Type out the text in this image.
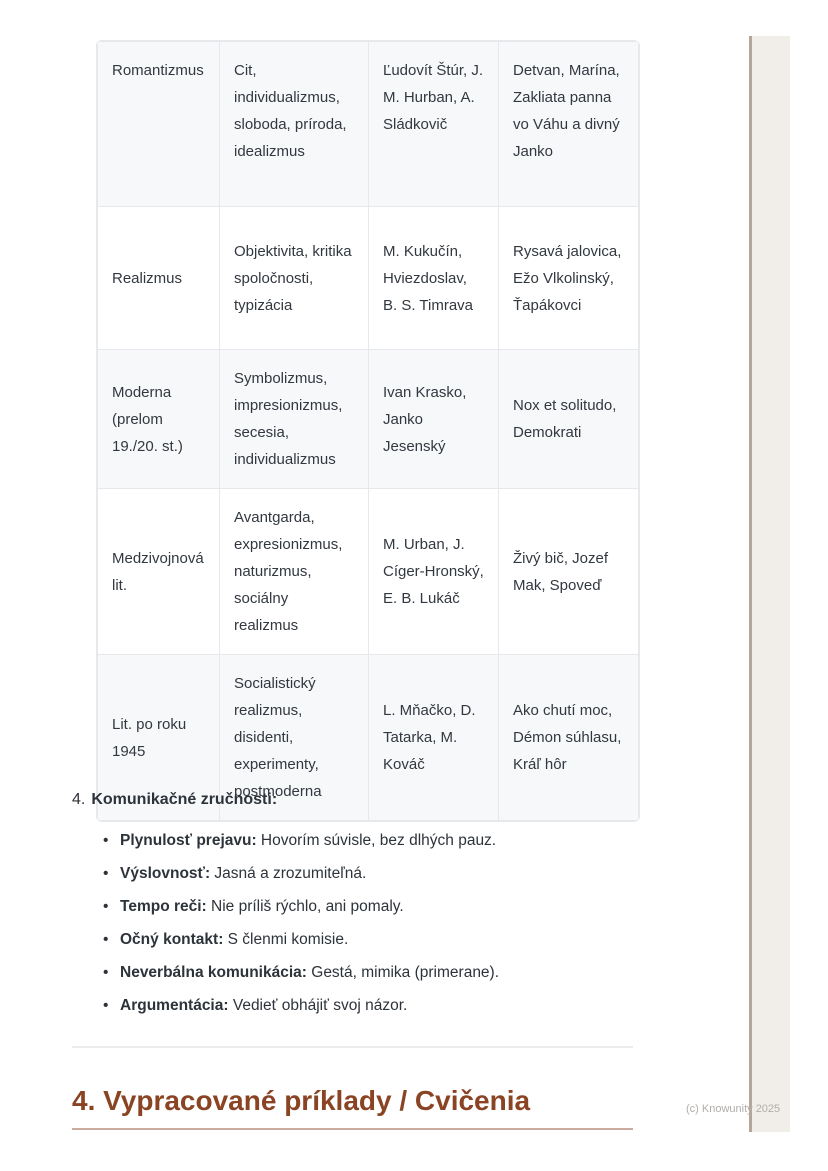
Romantizmus	Cit, individualizmus, sloboda, príroda, idealizmus	Ľudovít Štúr, J. M. Hurban, A. Sládkovič	Detvan, Marína, Zakliata panna vo Váhu a divný Janko
Realizmus	Objektivita, kritika spoločnosti, typizácia	M. Kukučín, Hviezdoslav, B. S. Timrava	Rysavá jalovica, Ežo Vlkolinský, Ťapákovci
Moderna (prelom 19./20. st.)	Symbolizmus, impresionizmus, secesia, individualizmus	Ivan Krasko, Janko Jesenský	Nox et solitudo, Demokrati
Medzivojnová lit.	Avantgarda, expresionizmus, naturizmus, sociálny realizmus	M. Urban, J. Cíger-Hronský, E. B. Lukáč	Živý bič, Jozef Mak, Spoveď
Lit. po roku 1945	Socialistický realizmus, disidenti, experimenty, postmoderna	L. Mňačko, D. Tatarka, M. Kováč	Ako chutí moc, Démon súhlasu, Kráľ hôr
4. Komunikačné zručnosti:
• Plynulosť prejavu: Hovorím súvisle, bez dlhých pauz.
• Výslovnosť: Jasná a zrozumiteľná.
• Tempo reči: Nie príliš rýchlo, ani pomaly.
• Očný kontakt: S členmi komisie.
• Neverbálna komunikácia: Gestá, mimika (primerane).
• Argumentácia: Vedieť obhájiť svoj názor.
4. Vypracované príklady / Cvičenia	(c) Knowunity 2025
